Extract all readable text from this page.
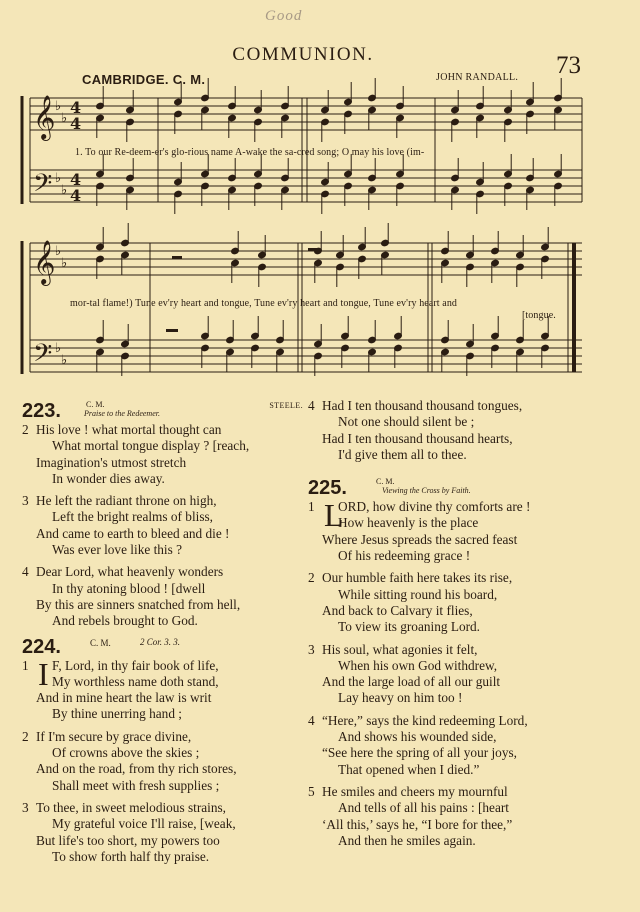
Good
COMMUNION.	73
CAMBRIDGE. C. M.	JOHN RANDALL.
𝄞
𝄢
𝄞
𝄢
♭
♭
♭
♭
♭
♭
♭
♭
4
4
4
4
1. To our Re-deem-er's glo-rious name A-wake the sa-cred song; O may his love (im-
mor-tal flame!) Tune ev'ry heart and tongue, Tune ev'ry heart and tongue, Tune ev'ry heart and
[tongue.
223.	C. M.
Praise to the Redeemer.
STEELE.
2 His love ! what mortal thought can
What mortal tongue display ? [reach,
Imagination's utmost stretch
In wonder dies away.
3 He left the radiant throne on high,
Left the bright realms of bliss,
And came to earth to bleed and die !
Was ever love like this ?
4 Dear Lord, what heavenly wonders
In thy atoning blood ! [dwell
By this are sinners snatched from hell,
And rebels brought to God.
224.	C. M.	2 Cor. 3. 3.
I
1 F, Lord, in thy fair book of life,
My worthless name doth stand,
And in mine heart the law is writ
By thine unerring hand ;
2 If I'm secure by grace divine,
Of crowns above the skies ;
And on the road, from thy rich stores,
Shall meet with fresh supplies ;
3 To thee, in sweet melodious strains,
My grateful voice I'll raise, [weak,
But life's too short, my powers too
To show forth half thy praise.
4 Had I ten thousand thousand tongues,
Not one should silent be ;
Had I ten thousand thousand hearts,
I'd give them all to thee.
225.	C. M.
Viewing the Cross by Faith.
L
1 ORD, how divine thy comforts are !
How heavenly is the place
Where Jesus spreads the sacred feast
Of his redeeming grace !
2 Our humble faith here takes its rise,
While sitting round his board,
And back to Calvary it flies,
To view its groaning Lord.
3 His soul, what agonies it felt,
When his own God withdrew,
And the large load of all our guilt
Lay heavy on him too !
4 “Here,” says the kind redeeming Lord,
And shows his wounded side,
“See here the spring of all your joys,
That opened when I died.”
5 He smiles and cheers my mournful
And tells of all his pains : [heart
‘All this,’ says he, “I bore for thee,”
And then he smiles again.
